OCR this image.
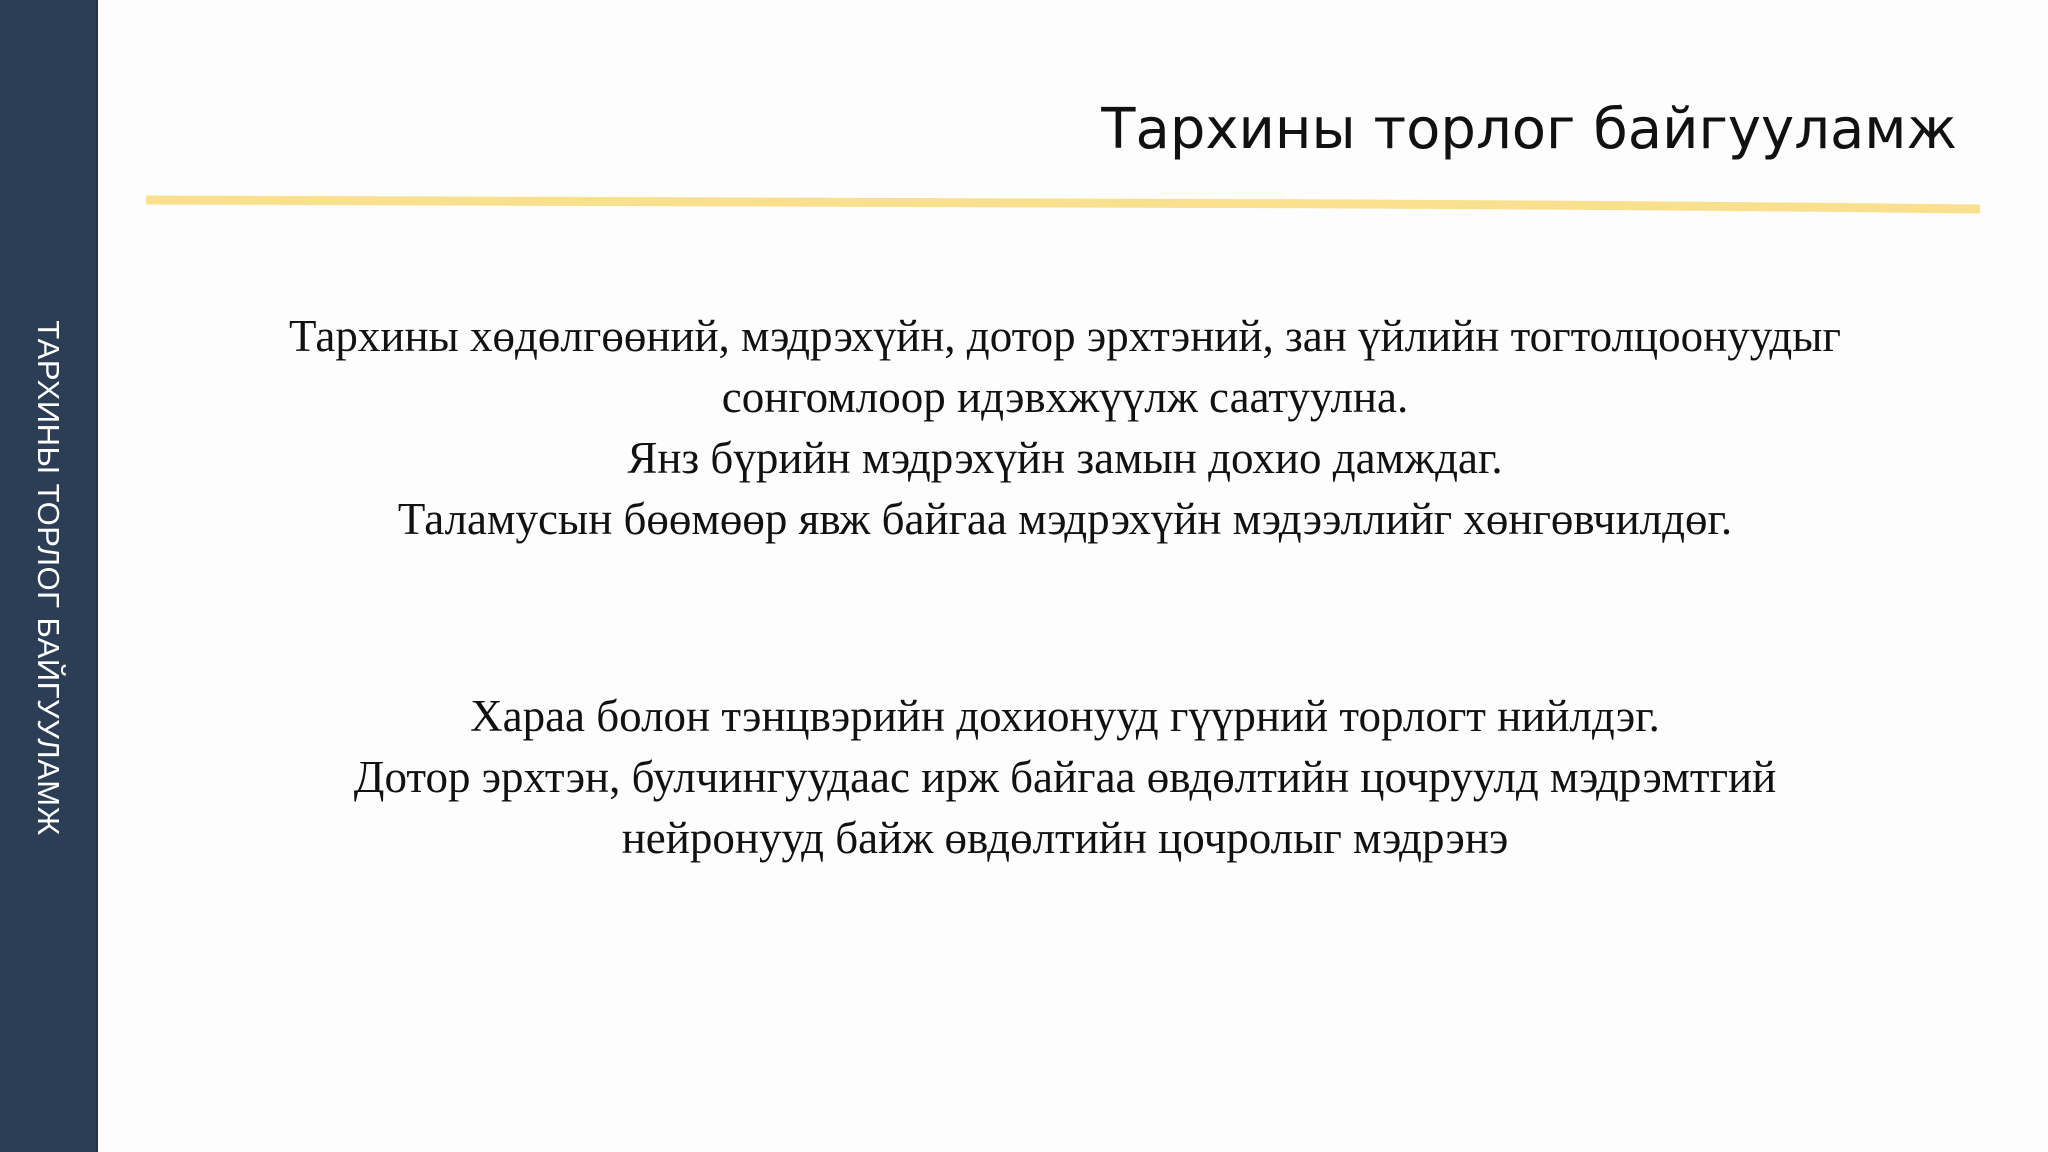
ТАРХИНЫ ТОРЛОГ БАЙГУУЛАМЖ
Тархины торлог байгууламж
Тархины хөдөлгөөний, мэдрэхүйн, дотор эрхтэний, зан үйлийн тогтолцоонуудыг
сонгомлоор идэвхжүүлж саатуулна.
Янз бүрийн мэдрэхүйн замын дохио дамждаг.
Таламусын бөөмөөр явж байгаа мэдрэхүйн мэдээллийг хөнгөвчилдөг.
Хараа болон тэнцвэрийн дохионууд гүүрний торлогт нийлдэг.
Дотор эрхтэн, булчингуудаас ирж байгаа өвдөлтийн цочруулд мэдрэмтгий
нейронууд байж өвдөлтийн цочролыг мэдрэнэ
